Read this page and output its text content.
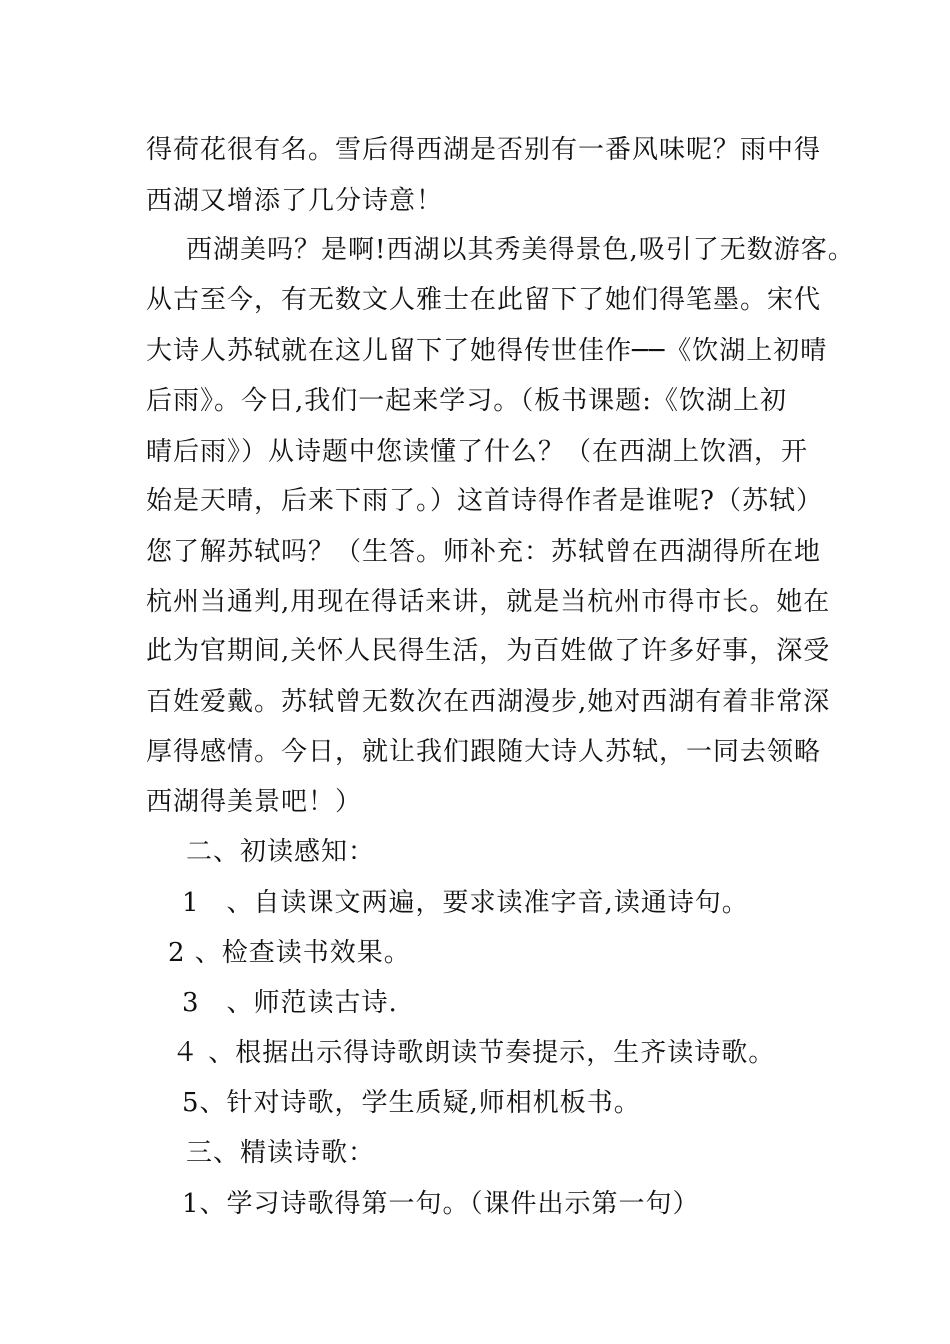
得荷花很有名。雪后得西湖是否别有一番风味呢？雨中得
西湖又增添了几分诗意！
西湖美吗？是啊!西湖以其秀美得景色,吸引了无数游客。
从古至今，有无数文人雅士在此留下了她们得笔墨。宋代
大诗人苏轼就在这儿留下了她得传世佳作──《饮湖上初晴
后雨》。今日,我们一起来学习。（板书课题:《饮湖上初
晴后雨》）从诗题中您读懂了什么？（在西湖上饮酒，开
始是天晴，后来下雨了。）这首诗得作者是谁呢?（苏轼）
您了解苏轼吗？（生答。师补充：苏轼曾在西湖得所在地
杭州当通判,用现在得话来讲，就是当杭州市得市长。她在
此为官期间,关怀人民得生活，为百姓做了许多好事，深受
百姓爱戴。苏轼曾无数次在西湖漫步,她对西湖有着非常深
厚得感情。今日，就让我们跟随大诗人苏轼，一同去领略
西湖得美景吧！）
二、初读感知：
1　、自读课文两遍，要求读准字音,读通诗句。
2 、检查读书效果。
3　、师范读古诗.
４ 、根据出示得诗歌朗读节奏提示，生齐读诗歌。
5、针对诗歌，学生质疑,师相机板书。
三、精读诗歌：
1、学习诗歌得第一句。（课件出示第一句）
